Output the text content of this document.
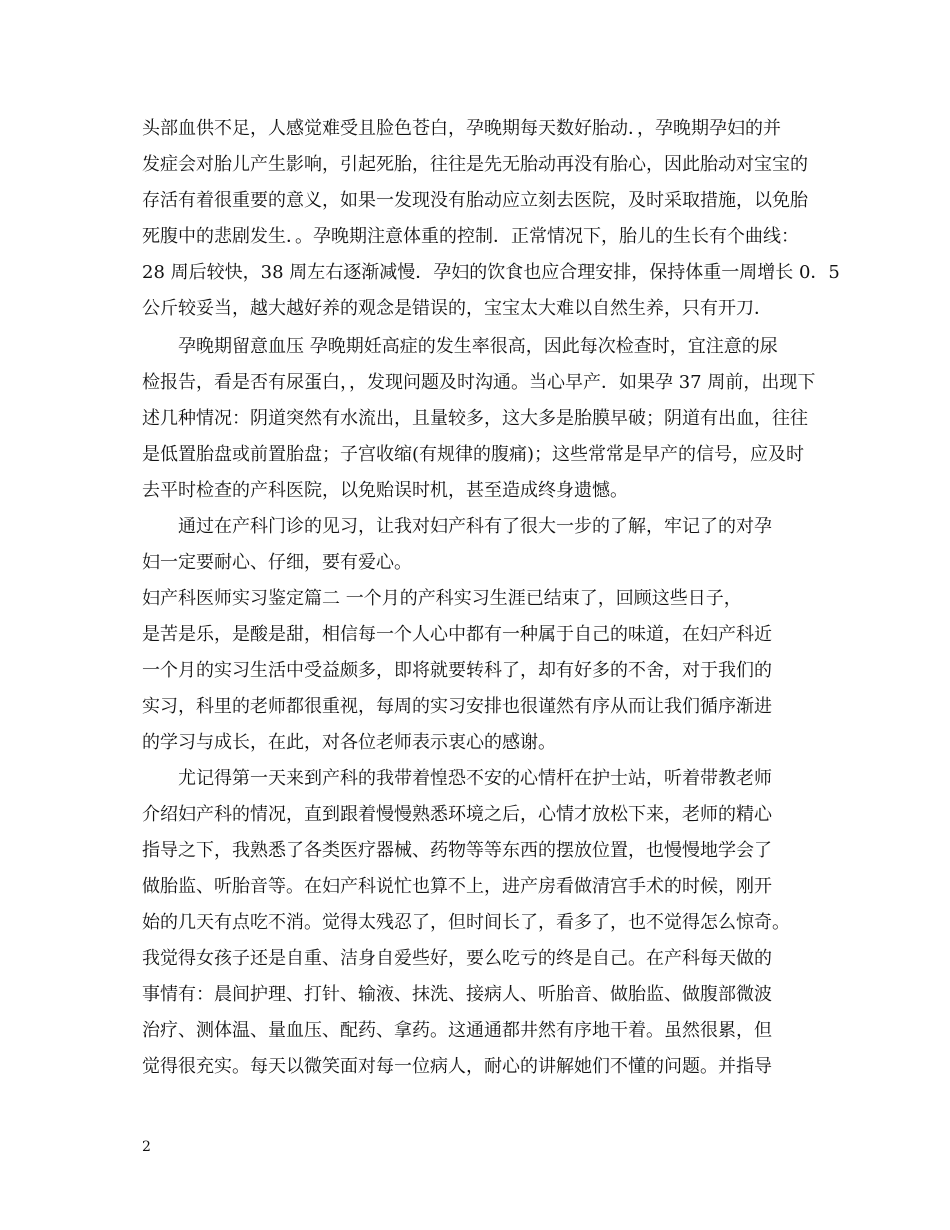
头部血供不足，人感觉难受且脸色苍白，孕晚期每天数好胎动．，孕晚期孕妇的并
发症会对胎儿产生影响，引起死胎，往往是先无胎动再没有胎心，因此胎动对宝宝的
存活有着很重要的意义，如果一发现没有胎动应立刻去医院，及时采取措施，以免胎
死腹中的悲剧发生．。孕晚期注意体重的控制．正常情况下，胎儿的生长有个曲线：
28 周后较快，38 周左右逐渐减慢．孕妇的饮食也应合理安排，保持体重一周增长 0．5
公斤较妥当，越大越好养的观念是错误的，宝宝太大难以自然生养，只有开刀．
孕晚期留意血压 孕晚期妊高症的发生率很高，因此每次检查时，宜注意的尿
检报告，看是否有尿蛋白，，发现问题及时沟通。当心早产．如果孕 37 周前，出现下
述几种情况：阴道突然有水流出，且量较多，这大多是胎膜早破；阴道有出血，往往
是低置胎盘或前置胎盘；子宫收缩(有规律的腹痛)；这些常常是早产的信号，应及时
去平时检查的产科医院，以免贻误时机，甚至造成终身遗憾。
通过在产科门诊的见习，让我对妇产科有了很大一步的了解，牢记了的对孕
妇一定要耐心、仔细，要有爱心。
妇产科医师实习鉴定篇二 一个月的产科实习生涯已结束了，回顾这些日子，
是苦是乐，是酸是甜，相信每一个人心中都有一种属于自己的味道，在妇产科近
一个月的实习生活中受益颇多，即将就要转科了，却有好多的不舍，对于我们的
实习，科里的老师都很重视，每周的实习安排也很谨然有序从而让我们循序渐进
的学习与成长，在此，对各位老师表示衷心的感谢。
尤记得第一天来到产科的我带着惶恐不安的心情杆在护士站，听着带教老师
介绍妇产科的情况，直到跟着慢慢熟悉环境之后，心情才放松下来，老师的精心
指导之下，我熟悉了各类医疗器械、药物等等东西的摆放位置，也慢慢地学会了
做胎监、听胎音等。在妇产科说忙也算不上，进产房看做清宫手术的时候，刚开
始的几天有点吃不消。觉得太残忍了，但时间长了，看多了，也不觉得怎么惊奇。
我觉得女孩子还是自重、洁身自爱些好，要么吃亏的终是自己。在产科每天做的
事情有：晨间护理、打针、输液、抹洗、接病人、听胎音、做胎监、做腹部微波
治疗、测体温、量血压、配药、拿药。这通通都井然有序地干着。虽然很累，但
觉得很充实。每天以微笑面对每一位病人，耐心的讲解她们不懂的问题。并指导
2
